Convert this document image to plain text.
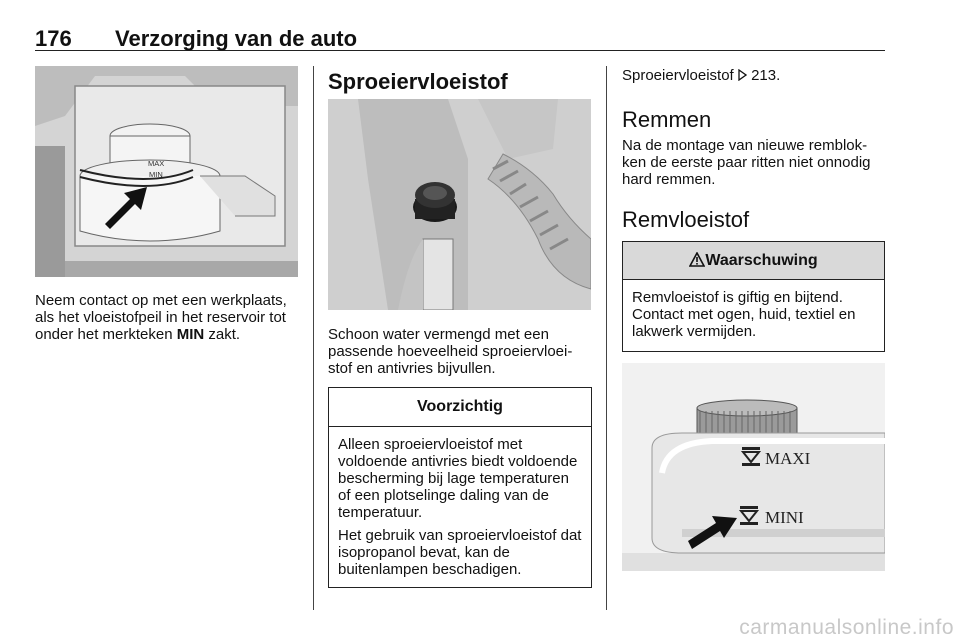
176 Verzorging van de auto
MAX
MIN
Neem contact op met een werkplaats, als het vloeistofpeil in het reservoir tot onder het merkteken MIN zakt.
Sproeiervloeistof
Schoon water vermengd met een passende hoeveelheid sproeiervloei-stof en antivries bijvullen.
Voorzichtig

Alleen sproeiervloeistof met voldoende antivries biedt voldoende bescherming bij lage temperaturen of een plotselinge daling van de temperatuur.

Het gebruik van sproeiervloeistof dat isopropanol bevat, kan de buitenlampen beschadigen.

Sproeiervloeistof 213.
Remmen
Na de montage van nieuwe remblok-ken de eerste paar ritten niet onnodig hard remmen.
Remvloeistof
Waarschuwing
Remvloeistof is giftig en bijtend. Contact met ogen, huid, textiel en lakwerk vermijden.
MAXI
MINI
carmanualsonline.info
